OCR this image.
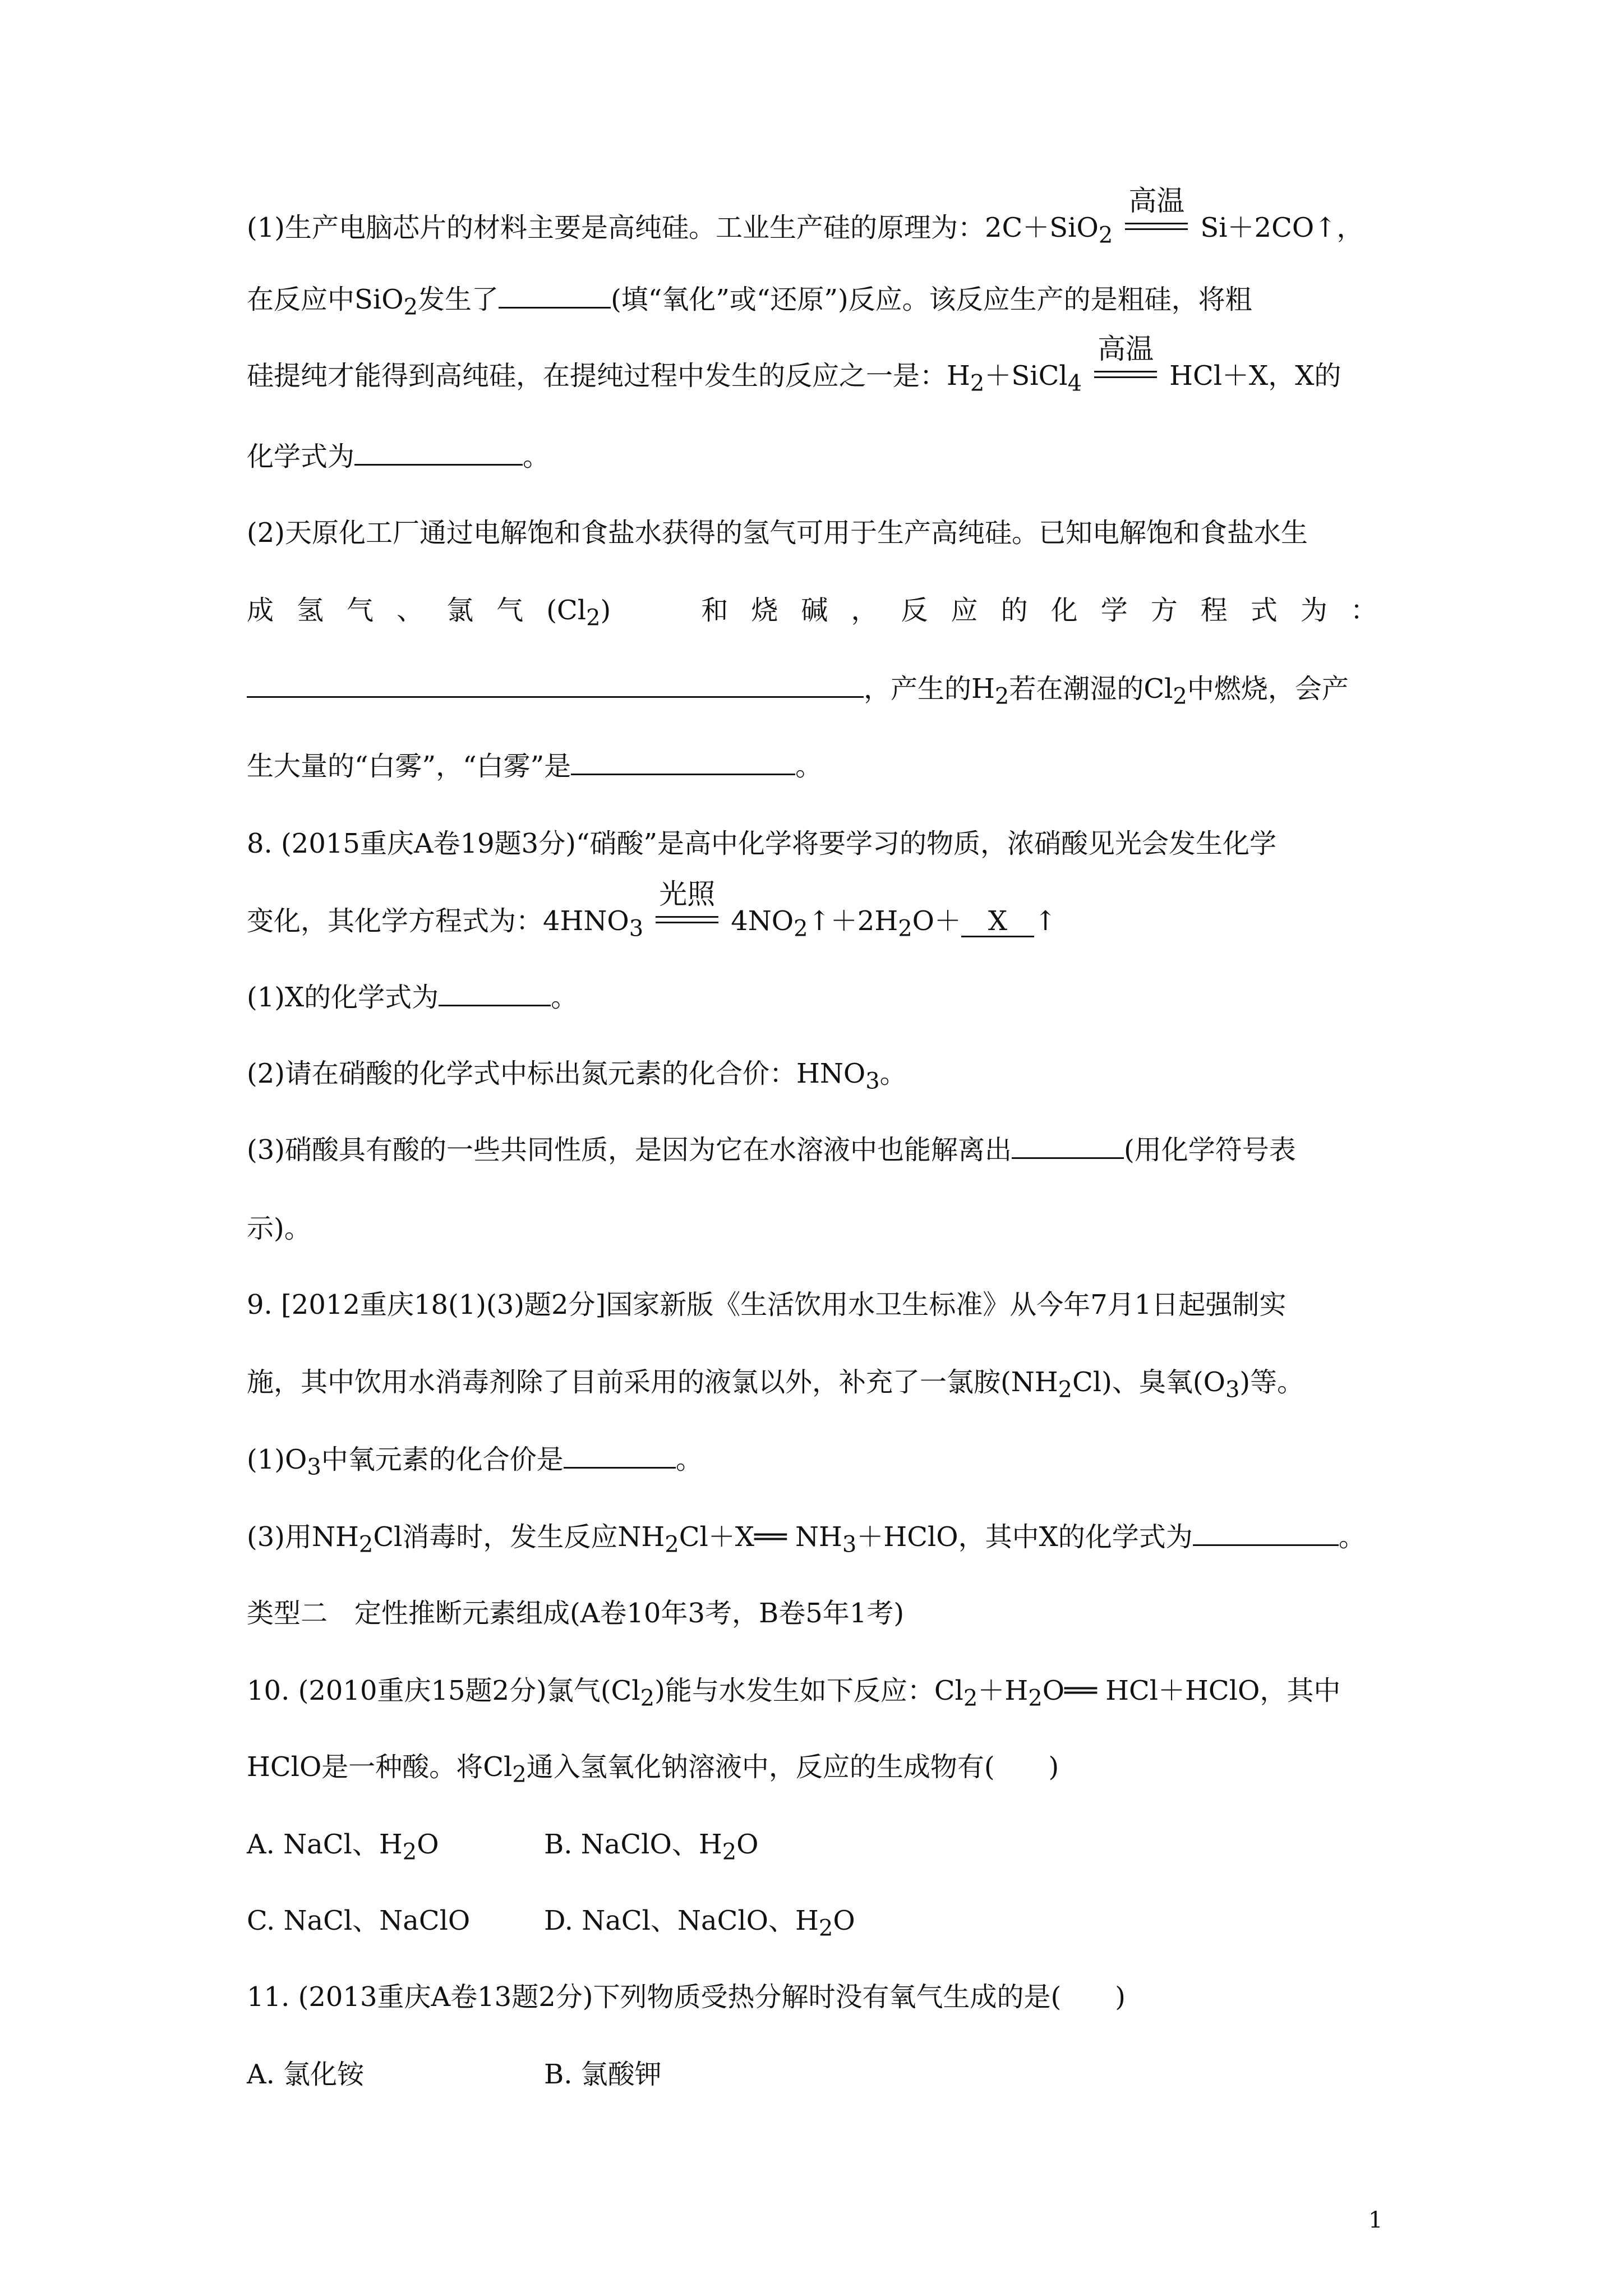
(1)生产电脑芯片的材料主要是高纯硅。工业生产硅的原理为：2C＋SiO$_2$
高温
Si＋2CO↑，
在反应中SiO$_2$发生了	(填“氧化”或“还原”)反应。该反应生产的是粗硅，将粗
硅提纯才能得到高纯硅，在提纯过程中发生的反应之一是：$H_2+SiCl_4$
高温
HCl＋X，X的
化学式为	。
(2)天原化工厂通过电解饱和食盐水获得的氢气可用于生产高纯硅。已知电解饱和食盐水生
成 氢 气 、 氯 气 $(Cl_2)$	和 烧 碱 ， 反 应 的 化 学 方 程 式 为 ：
，产生的$H_2$若在潮湿的$Cl_2$中燃烧，会产
生大量的“白雾”，“白雾”是	。
8. (2015重庆A卷19题3分)“硝酸”是高中化学将要学习的物质，浓硝酸见光会发生化学
变化，其化学方程式为：$4HNO_3$
光照
$4NO_2↑+2H_2O+ X$ ↑
(1)X的化学式为	。
(2)请在硝酸的化学式中标出氮元素的化合价：$HNO_3$。
(3)硝酸具有酸的一些共同性质，是因为它在水溶液中也能解离出	(用化学符号表
示)。
9. [2012重庆18(1)(3)题2分]国家新版《生活饮用水卫生标准》从今年7月1日起强制实
施，其中饮用水消毒剂除了目前采用的液氯以外，补充了一氯胺$(NH_2Cl)$、臭氧$(O_3)$等。
$(1)O_3$中氧元素的化合价是	。
(3)用$NH_2Cl$消毒时，发生反应$NH_2Cl+X══$ $NH_3+HClO$，其中X的化学式为	。
类型二　定性推断元素组成(A卷10年3考，B卷5年1考)
10. (2010重庆15题2分)氯气$(Cl_2)$能与水发生如下反应：$Cl_2+H_2O══$ HCl＋HClO，其中
HClO是一种酸。将$Cl_2$通入氢氧化钠溶液中，反应的生成物有(　　)
A. NaCl、$H_2O$	B. NaClO、$H_2O$
C. NaCl、NaClO	D. NaCl、NaClO、$H_2O$
11. (2013重庆A卷13题2分)下列物质受热分解时没有氧气生成的是(　　)
A. 氯化铵	B. 氯酸钾
1
